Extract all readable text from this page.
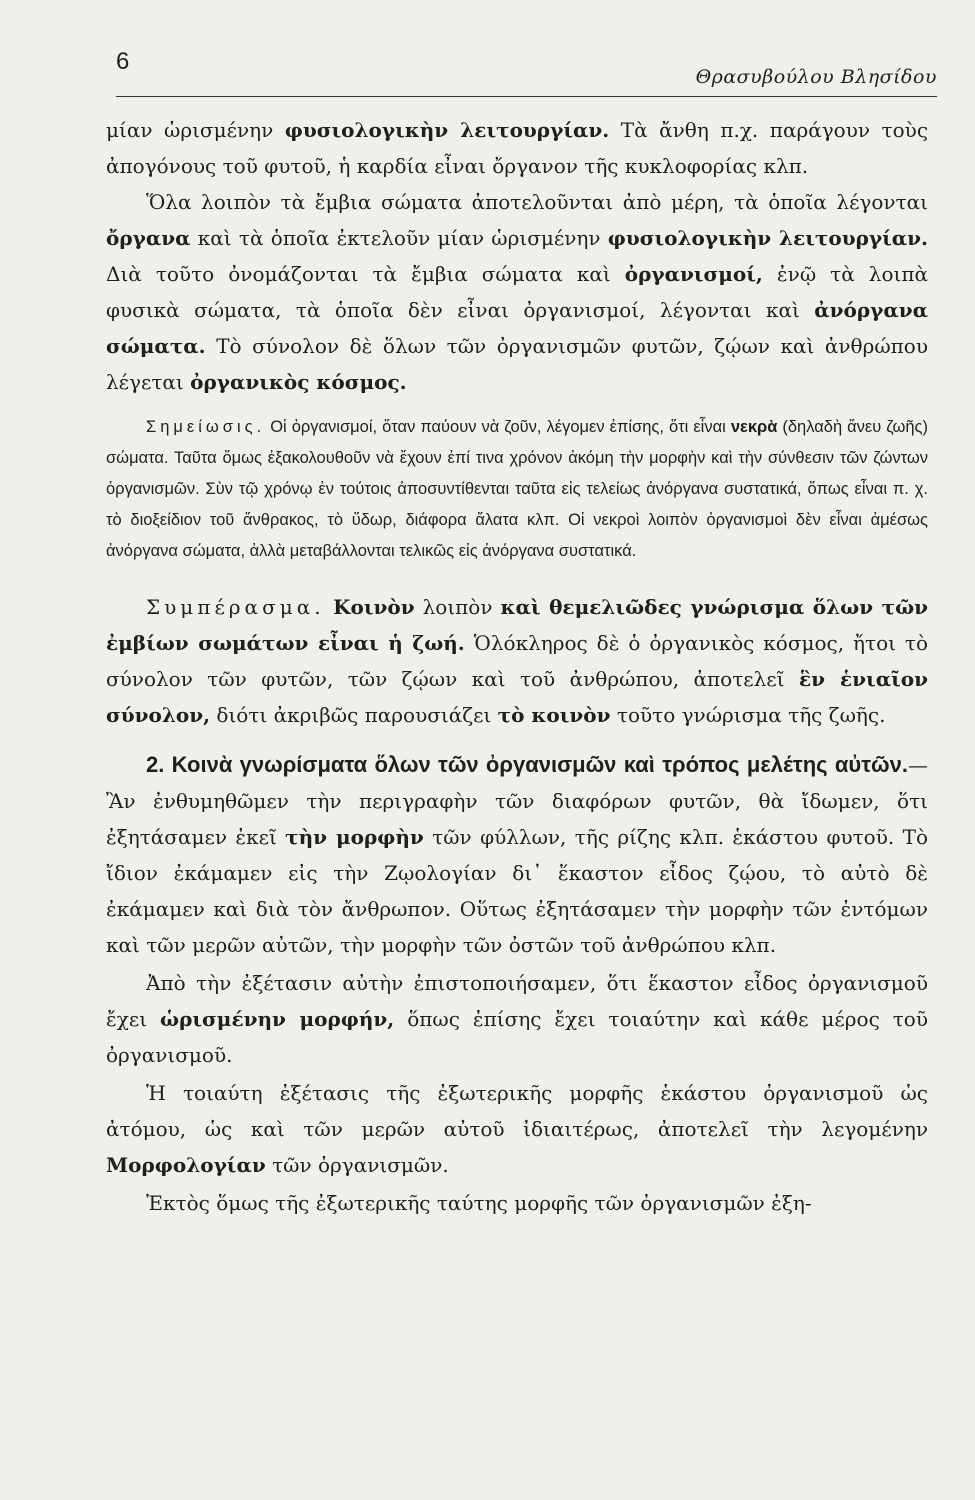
6
Θρασυβούλου Βλησίδου

μίαν ὡρισμένην φυσιολογικὴν λειτουργίαν. Τὰ ἄνθη π.χ. παράγουν τοὺς ἀπογόνους τοῦ φυτοῦ, ἡ καρδία εἶναι ὄργανον τῆς κυκλοφορίας κλπ.

Ὅλα λοιπὸν τὰ ἔμβια σώματα ἀποτελοῦνται ἀπὸ μέρη, τὰ ὁποῖα λέγονται ὄργανα καὶ τὰ ὁποῖα ἐκτελοῦν μίαν ὡρισμένην φυσιολογικὴν λειτουργίαν. Διὰ τοῦτο ὀνομάζονται τὰ ἔμβια σώματα καὶ ὀργανισμοί, ἐνῷ τὰ λοιπὰ φυσικὰ σώματα, τὰ ὁποῖα δὲν εἶναι ὀργανισμοί, λέγονται καὶ ἀνόργανα σώματα. Τὸ σύνολον δὲ ὅλων τῶν ὀργανισμῶν φυτῶν, ζῴων καὶ ἀνθρώπου λέγεται ὀργανικὸς κόσμος.

Σημείωσις. Οἱ ὀργανισμοί, ὅταν παύουν νὰ ζοῦν, λέγομεν ἐπίσης, ὅτι εἶναι νεκρὰ (δηλαδὴ ἄνευ ζωῆς) σώματα. Ταῦτα ὅμως ἐξακολουθοῦν νὰ ἔχουν ἐπί τινα χρόνον ἀκόμη τὴν μορφὴν καὶ τὴν σύνθεσιν τῶν ζώντων ὀργανισμῶν. Σὺν τῷ χρόνῳ ἐν τούτοις ἀποσυντίθενται ταῦτα εἰς τελείως ἀνόργανα συστατικά, ὅπως εἶναι π. χ. τὸ διοξείδιον τοῦ ἄνθρακος, τὸ ὕδωρ, διάφορα ἄλατα κλπ. Οἱ νεκροὶ λοιπὸν ὀργανισμοὶ δὲν εἶναι ἀμέσως ἀνόργανα σώματα, ἀλλὰ μεταβάλλονται τελικῶς εἰς ἀνόργανα συστατικά.

Συμπέρασμα. Κοινὸν λοιπὸν καὶ θεμελιῶδες γνώρισμα ὅλων τῶν ἐμβίων σωμάτων εἶναι ἡ ζωή. Ὁλόκληρος δὲ ὁ ὀργανικὸς κόσμος, ἤτοι τὸ σύνολον τῶν φυτῶν, τῶν ζῴων καὶ τοῦ ἀνθρώπου, ἀποτελεῖ ἓν ἑνιαῖον σύνολον, διότι ἀκριβῶς παρουσιάζει τὸ κοινὸν τοῦτο γνώρισμα τῆς ζωῆς.

2. Κοινὰ γνωρίσματα ὅλων τῶν ὀργανισμῶν καὶ τρόπος μελέτης αὐτῶν.—Ἂν ἐνθυμηθῶμεν τὴν περιγραφὴν τῶν διαφόρων φυτῶν, θὰ ἴδωμεν, ὅτι ἐξητάσαμεν ἐκεῖ τὴν μορφὴν τῶν φύλλων, τῆς ρίζης κλπ. ἑκάστου φυτοῦ. Τὸ ἴδιον ἐκάμαμεν εἰς τὴν Ζῳολογίαν δι᾿ ἕκαστον εἶδος ζῴου, τὸ αὐτὸ δὲ ἐκάμαμεν καὶ διὰ τὸν ἄνθρωπον. Οὕτως ἐξητάσαμεν τὴν μορφὴν τῶν ἐντόμων καὶ τῶν μερῶν αὐτῶν, τὴν μορφὴν τῶν ὀστῶν τοῦ ἀνθρώπου κλπ.

Ἀπὸ τὴν ἐξέτασιν αὐτὴν ἐπιστοποιήσαμεν, ὅτι ἕκαστον εἶδος ὀργανισμοῦ ἔχει ὡρισμένην μορφήν, ὅπως ἐπίσης ἔχει τοιαύτην καὶ κάθε μέρος τοῦ ὀργανισμοῦ.

Ἡ τοιαύτη ἐξέτασις τῆς ἐξωτερικῆς μορφῆς ἑκάστου ὀργανισμοῦ ὡς ἀτόμου, ὡς καὶ τῶν μερῶν αὐτοῦ ἰδιαιτέρως, ἀποτελεῖ τὴν λεγομένην Μορφολογίαν τῶν ὀργανισμῶν.

Ἐκτὸς ὅμως τῆς ἐξωτερικῆς ταύτης μορφῆς τῶν ὀργανισμῶν ἐξη-
